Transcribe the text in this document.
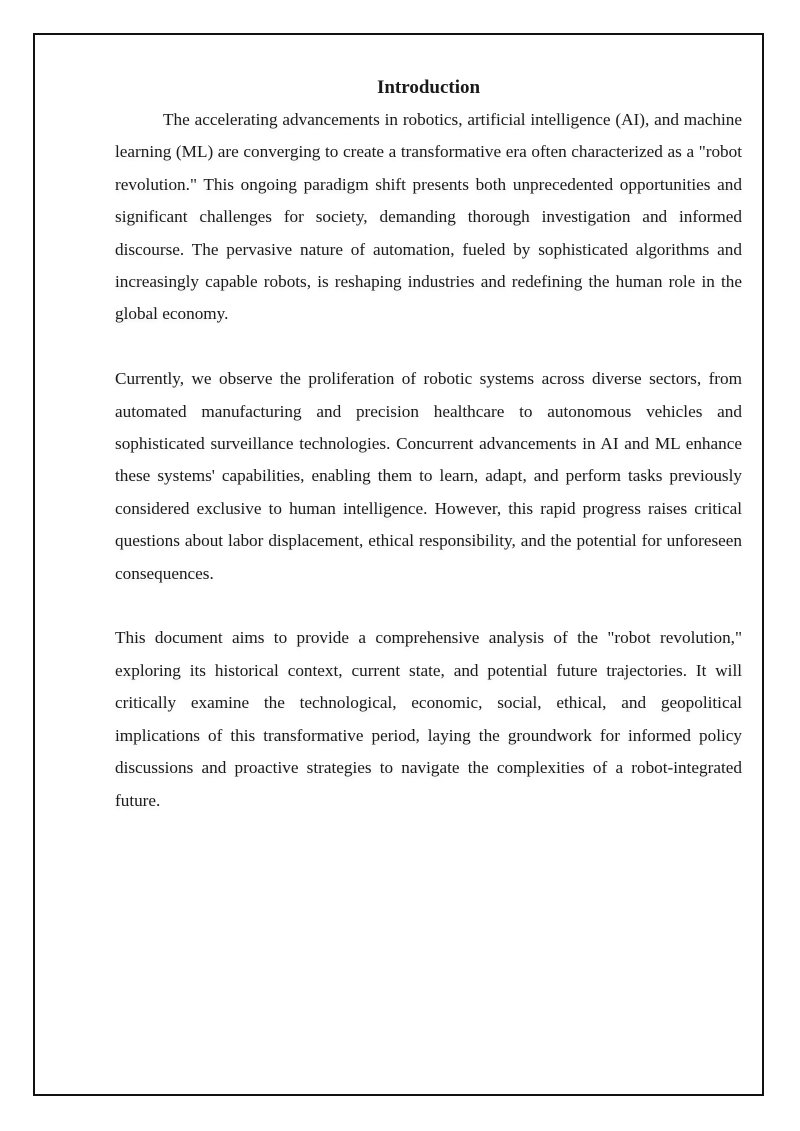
Introduction

The accelerating advancements in robotics, artificial intelligence (AI), and machine learning (ML) are converging to create a transformative era often characterized as a "robot revolution." This ongoing paradigm shift presents both unprecedented opportunities and significant challenges for society, demanding thorough investigation and informed discourse. The pervasive nature of automation, fueled by sophisticated algorithms and increasingly capable robots, is reshaping industries and redefining the human role in the global economy.

Currently, we observe the proliferation of robotic systems across diverse sectors, from automated manufacturing and precision healthcare to autonomous vehicles and sophisticated surveillance technologies. Concurrent advancements in AI and ML enhance these systems' capabilities, enabling them to learn, adapt, and perform tasks previously considered exclusive to human intelligence. However, this rapid progress raises critical questions about labor displacement, ethical responsibility, and the potential for unforeseen consequences.

This document aims to provide a comprehensive analysis of the "robot revolution," exploring its historical context, current state, and potential future trajectories. It will critically examine the technological, economic, social, ethical, and geopolitical implications of this transformative period, laying the groundwork for informed policy discussions and proactive strategies to navigate the complexities of a robot-integrated future.
